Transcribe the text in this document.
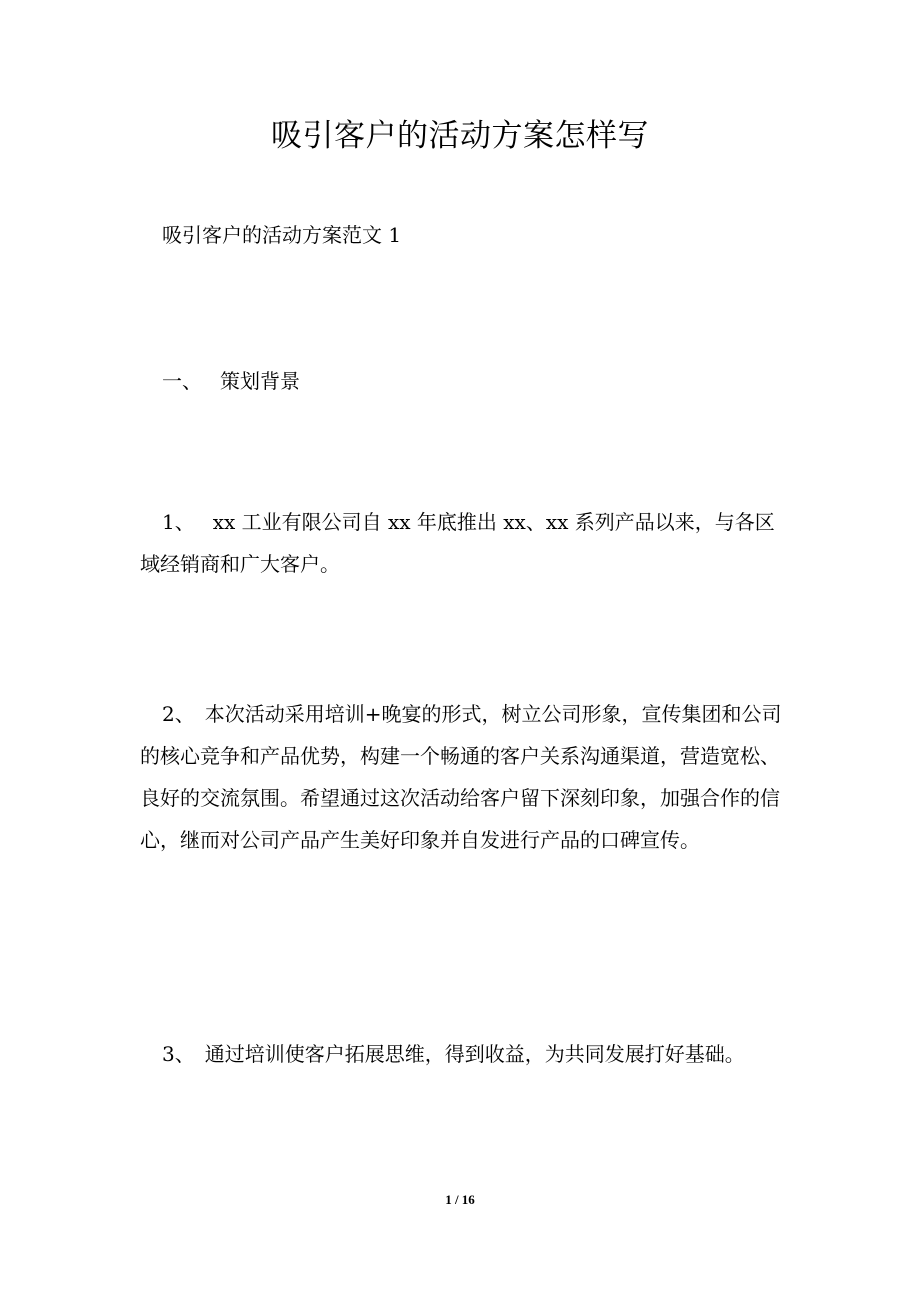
吸引客户的活动方案怎样写

吸引客户的活动方案范文 1

一、 策划背景

1、 xx 工业有限公司自 xx 年底推出 xx、xx 系列产品以来，与各区域经销商和广大客户。

2、 本次活动采用培训+晚宴的形式，树立公司形象，宣传集团和公司的核心竞争和产品优势，构建一个畅通的客户关系沟通渠道，营造宽松、良好的交流氛围。希望通过这次活动给客户留下深刻印象，加强合作的信心，继而对公司产品产生美好印象并自发进行产品的口碑宣传。

3、 通过培训使客户拓展思维，得到收益，为共同发展打好基础。

1 / 16
